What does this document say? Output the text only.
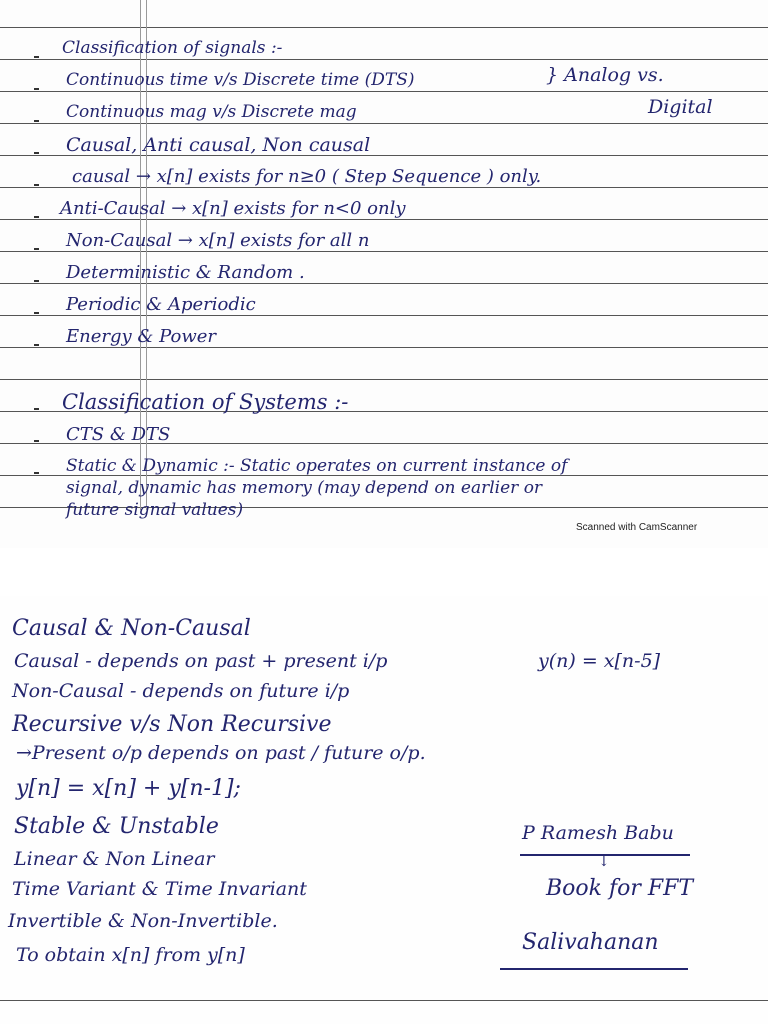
Classification of signals :-
Continuous time v/s Discrete time (DTS)	} Analog vs.
Digital
Continuous mag v/s Discrete mag
Causal, Anti causal, Non causal
causal → x[n] exists for n≥0 ( Step Sequence ) only.
Anti-Causal → x[n] exists for n<0 only
Non-Causal → x[n] exists for all n
Deterministic & Random .
Periodic & Aperiodic
Energy & Power
Classification of Systems :-
CTS & DTS
Static & Dynamic :- Static operates on current instance of
signal, dynamic has memory (may depend on earlier or
future signal values)
Scanned with CamScanner
Causal & Non-Causal
Causal - depends on past + present i/p	y(n) = x[n-5]
Non-Causal - depends on future i/p
Recursive v/s Non Recursive
→Present o/p depends on past / future o/p.
y[n] = x[n] + y[n-1];
Stable & Unstable
Linear & Non Linear
Time Variant & Time Invariant
Invertible & Non-Invertible.
To obtain x[n] from y[n]
P Ramesh Babu
↓
Book for FFT
Salivahanan
